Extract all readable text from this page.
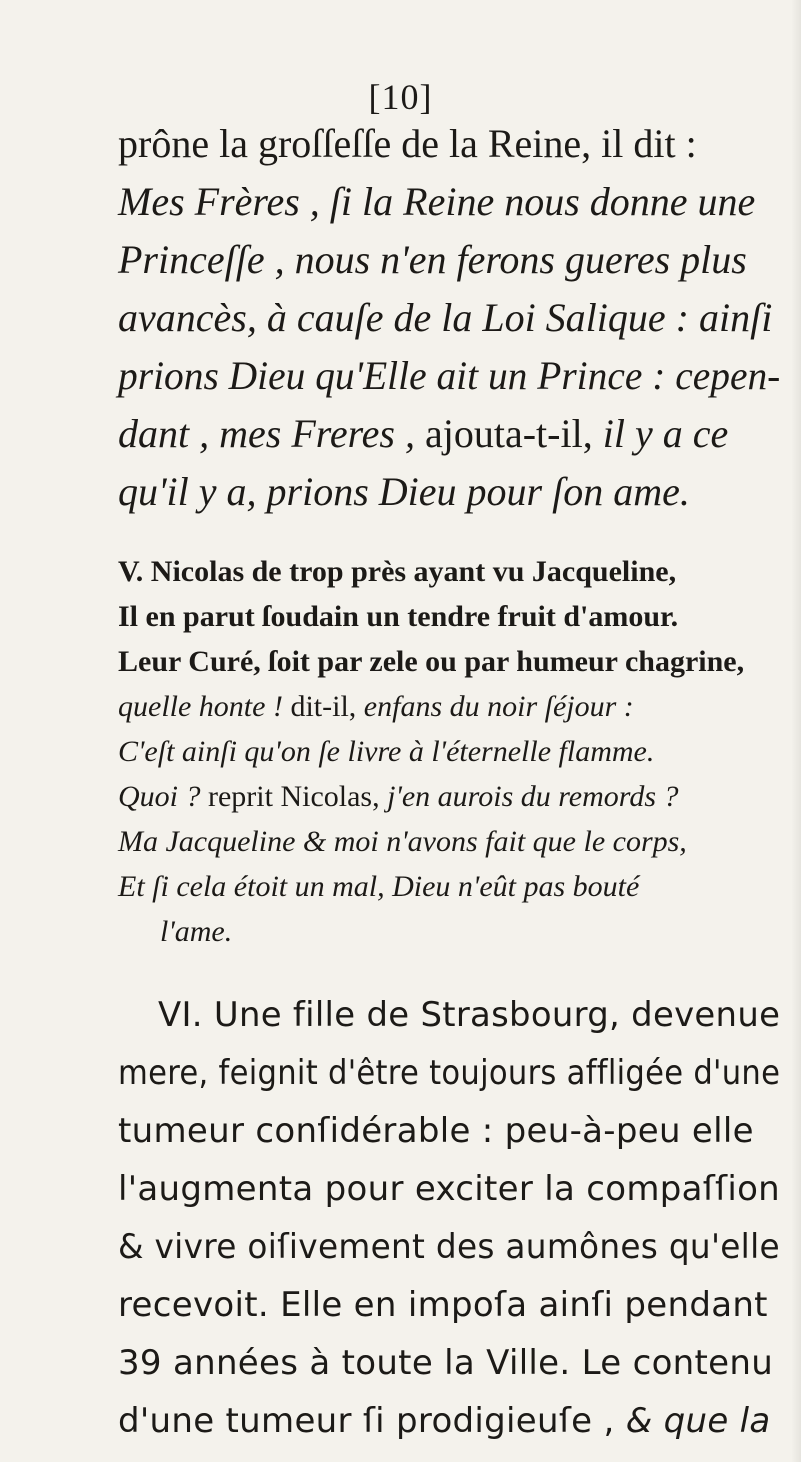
[10]
prône la groſſeſſe de la Reine, il dit :
Mes Frères , ſi la Reine nous donne une
Princeſſe , nous n'en ferons gueres plus
avancès, à cauſe de la Loi Salique : ainſi
prions Dieu qu'Elle ait un Prince : cepen-
dant , mes Freres , ajouta-t-il, il y a ce
qu'il y a, prions Dieu pour ſon ame.
V. Nicolas de trop près ayant vu Jacqueline,
Il en parut ſoudain un tendre fruit d'amour.
Leur Curé, ſoit par zele ou par humeur chagrine,
quelle honte ! dit-il, enfans du noir ſéjour :
C'eſt ainſi qu'on ſe livre à l'éternelle flamme.
Quoi ? reprit Nicolas, j'en aurois du remords ?
Ma Jacqueline & moi n'avons fait que le corps,
Et ſi cela étoit un mal, Dieu n'eût pas bouté
l'ame.
VI. Une fille de Strasbourg, devenue
mere, feignit d'être toujours affligée d'une
tumeur conſidérable : peu-à-peu elle
l'augmenta pour exciter la compaſſion
& vivre oiſivement des aumônes qu'elle
recevoit. Elle en impoſa ainſi pendant
39 années à toute la Ville. Le contenu
d'une tumeur ſi prodigieuſe , & que la
